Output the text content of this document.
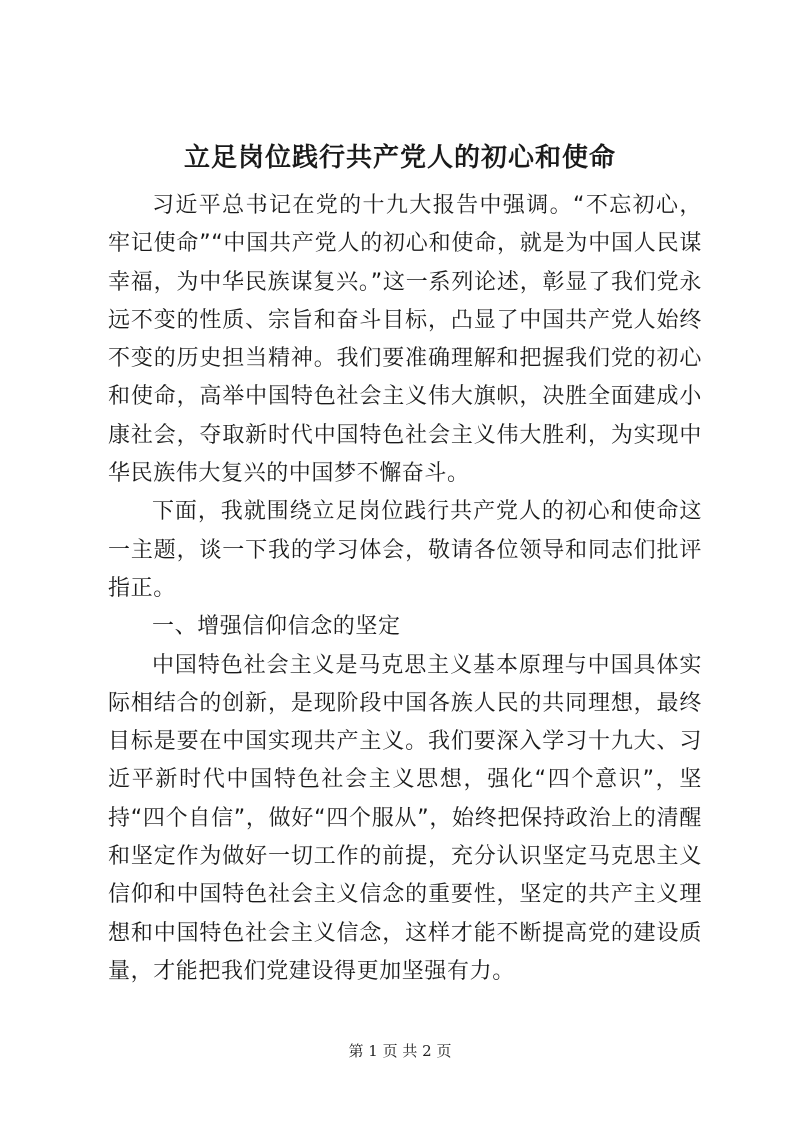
立足岗位践行共产党人的初心和使命

习近平总书记在党的十九大报告中强调。“不忘初心，牢记使命”“中国共产党人的初心和使命，就是为中国人民谋幸福，为中华民族谋复兴。”这一系列论述，彰显了我们党永远不变的性质、宗旨和奋斗目标，凸显了中国共产党人始终不变的历史担当精神。我们要准确理解和把握我们党的初心和使命，高举中国特色社会主义伟大旗帜，决胜全面建成小康社会，夺取新时代中国特色社会主义伟大胜利，为实现中华民族伟大复兴的中国梦不懈奋斗。

下面，我就围绕立足岗位践行共产党人的初心和使命这一主题，谈一下我的学习体会，敬请各位领导和同志们批评指正。

一、增强信仰信念的坚定

中国特色社会主义是马克思主义基本原理与中国具体实际相结合的创新，是现阶段中国各族人民的共同理想，最终目标是要在中国实现共产主义。我们要深入学习十九大、习近平新时代中国特色社会主义思想，强化“四个意识”，坚持“四个自信”，做好“四个服从”，始终把保持政治上的清醒和坚定作为做好一切工作的前提，充分认识坚定马克思主义信仰和中国特色社会主义信念的重要性，坚定的共产主义理想和中国特色社会主义信念，这样才能不断提高党的建设质量，才能把我们党建设得更加坚强有力。

第 1 页 共 2 页
